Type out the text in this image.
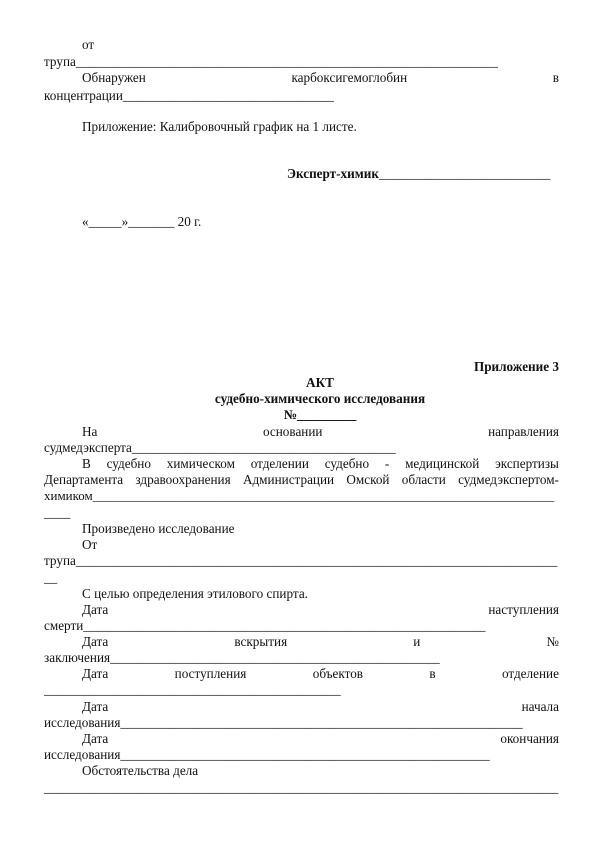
от
трупа________________________________________________________________
Обнаружен	карбоксигемоглобин	в
концентрации________________________________
Приложение: Калибровочный график на 1 листе.
Эксперт-химик__________________________
«_____»_______ 20 г.
Приложение 3
АКТ
судебно-химического исследования
№_________
На	основании	направления
судмедэксперта________________________________________
В судебно химическом отделении судебно - медицинской экспертизы
Департамента здравоохранения Администрации Омской области судмедэкспертом-
химиком_______________________________________________________________________
____
Произведено исследование
От
трупа_________________________________________________________________________
__
С целью определения этилового спирта.
Дата	наступления
смерти_____________________________________________________________
Дата	вскрытия	и	№
заключения__________________________________________________
Дата	поступления	объектов	в	отделение
_____________________________________________
Дата	начала
исследования_____________________________________________________________
Дата	окончания
исследования________________________________________________________
Обстоятельства дела
______________________________________________________________________________
